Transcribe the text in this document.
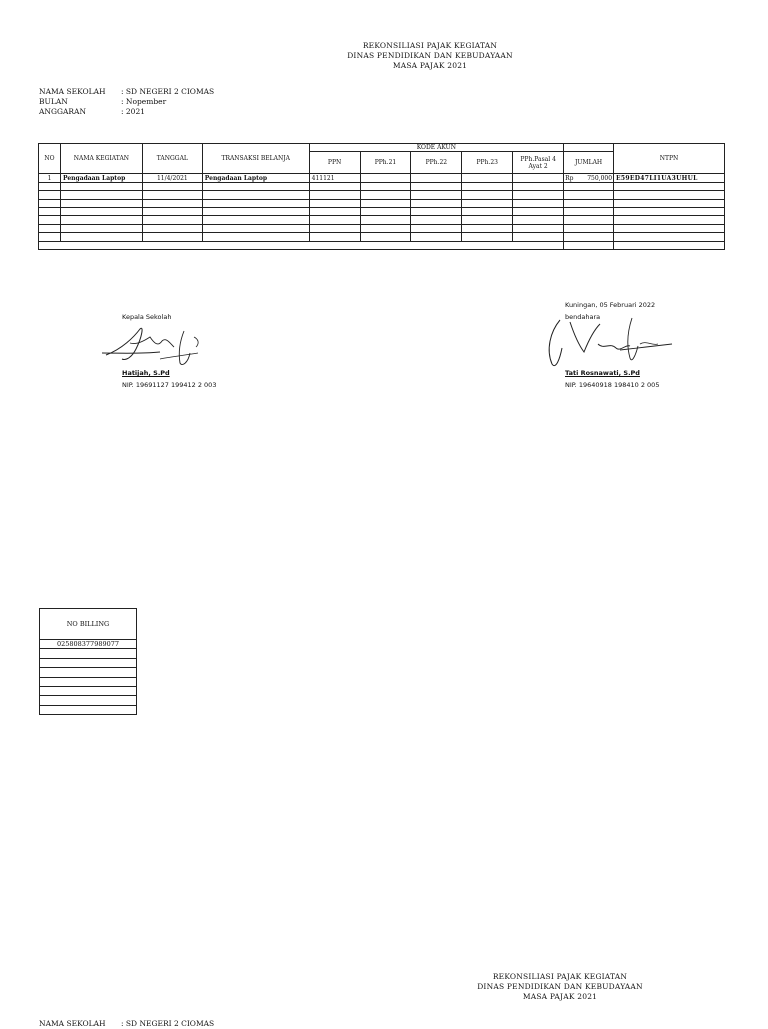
REKONSILIASI PAJAK KEGIATAN
DINAS PENDIDIKAN DAN KEBUDAYAAN
MASA PAJAK 2021
NAMA SEKOLAH	: SD NEGERI 2 CIOMAS
BULAN	: Nopember
ANGGARAN	: 2021
NO	NAMA KEGIATAN	TANGGAL	TRANSAKSI BELANJA	KODE AKUN						NTPN
				PPN	PPh.21	PPh.22	PPh.23	PPh.Pasal 4 Ayat 2	JUMLAH	
1	Pengadaan Laptop	11/4/2021	Pengadaan Laptop	411121					Rp 750,000	E59ED47LI1UA3UHUL

Kepala Sekolah
Hatijah, S.Pd
NIP. 19691127 199412 2 003
Kuningan, 05 Februari 2022
bendahara
Tati Rosnawati, S.Pd
NIP. 19640918 198410 2 005
NO BILLING
025808377989077

REKONSILIASI PAJAK KEGIATAN
DINAS PENDIDIKAN DAN KEBUDAYAAN
MASA PAJAK 2021
NAMA SEKOLAH	: SD NEGERI 2 CIOMAS
